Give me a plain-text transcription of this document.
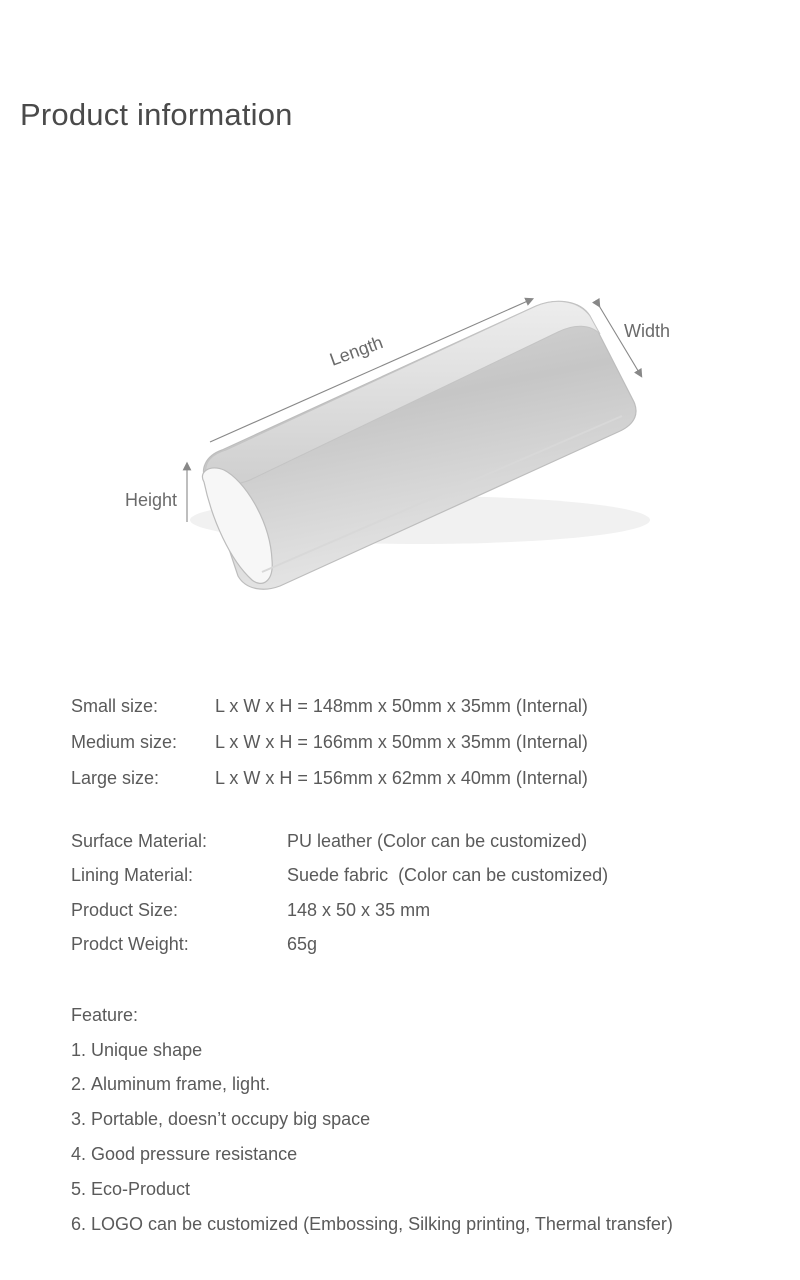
Product information
Length
Width
Height
Small size:	L x W x H = 148mm x 50mm x 35mm (Internal)
Medium size:	L x W x H = 166mm x 50mm x 35mm (Internal)
Large size:	L x W x H = 156mm x 62mm x 40mm (Internal)
Surface Material:	PU leather (Color can be customized)
Lining Material:	Suede fabric  (Color can be customized)
Product Size:	148 x 50 x 35 mm
Prodct Weight:	65g
Feature:
1. Unique shape
2. Aluminum frame, light.
3. Portable, doesn’t occupy big space
4. Good pressure resistance
5. Eco-Product
6. LOGO can be customized (Embossing, Silking printing, Thermal transfer)
